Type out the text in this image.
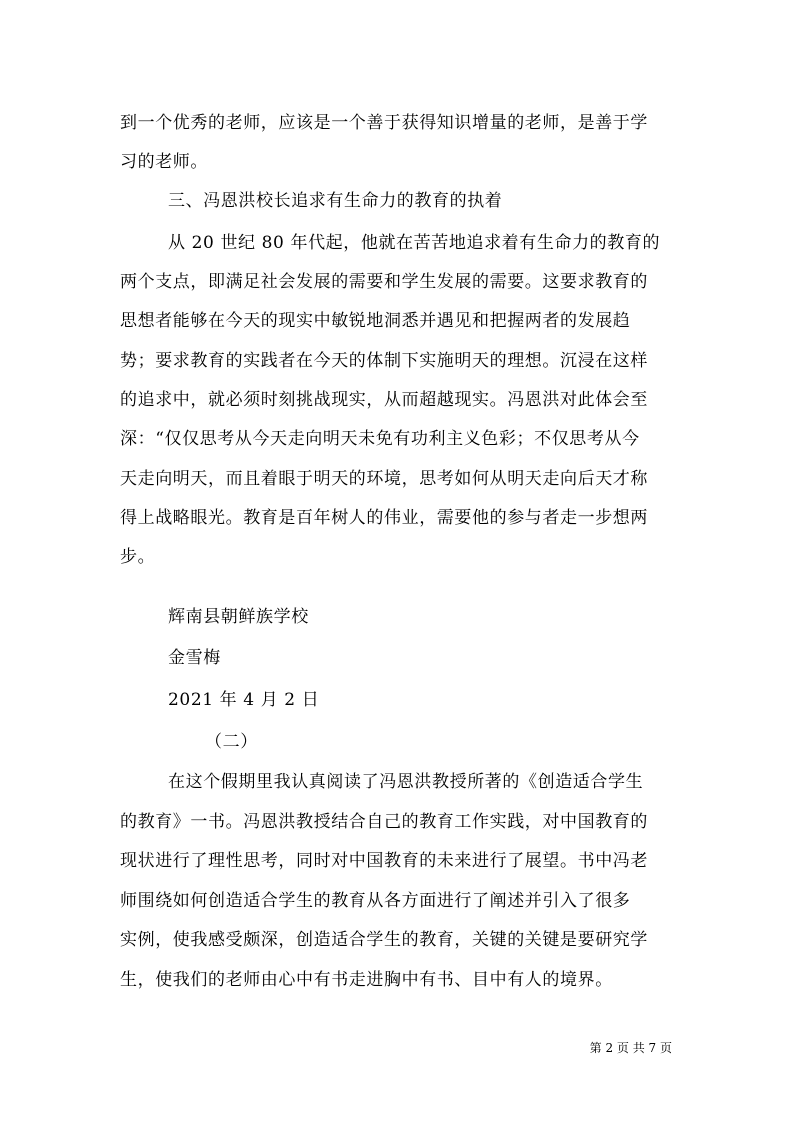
到一个优秀的老师，应该是一个善于获得知识增量的老师，是善于学
习的老师。
三、冯恩洪校长追求有生命力的教育的执着
从 20 世纪 80 年代起，他就在苦苦地追求着有生命力的教育的
两个支点，即满足社会发展的需要和学生发展的需要。这要求教育的
思想者能够在今天的现实中敏锐地洞悉并遇见和把握两者的发展趋
势；要求教育的实践者在今天的体制下实施明天的理想。沉浸在这样
的追求中，就必须时刻挑战现实，从而超越现实。冯恩洪对此体会至
深：“仅仅思考从今天走向明天未免有功利主义色彩；不仅思考从今
天走向明天，而且着眼于明天的环境，思考如何从明天走向后天才称
得上战略眼光。教育是百年树人的伟业，需要他的参与者走一步想两
步。
辉南县朝鲜族学校
金雪梅
2021 年 4 月 2 日
（二）
在这个假期里我认真阅读了冯恩洪教授所著的《创造适合学生
的教育》一书。冯恩洪教授结合自己的教育工作实践，对中国教育的
现状进行了理性思考，同时对中国教育的未来进行了展望。书中冯老
师围绕如何创造适合学生的教育从各方面进行了阐述并引入了很多
实例，使我感受颇深，创造适合学生的教育，关键的关键是要研究学
生，使我们的老师由心中有书走进胸中有书、目中有人的境界。
第 2 页 共 7 页
